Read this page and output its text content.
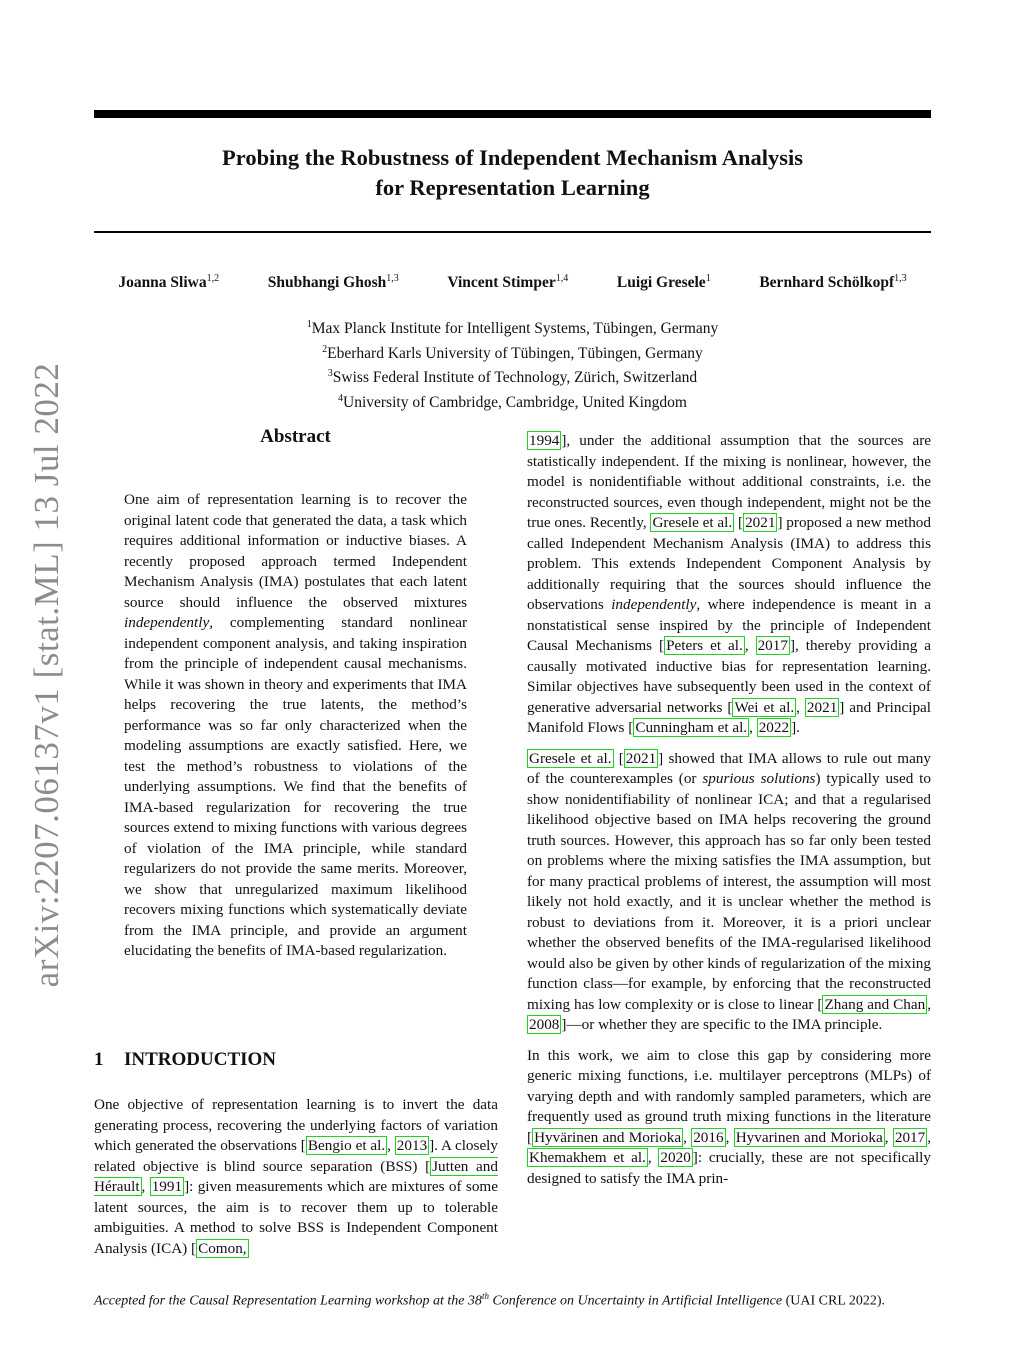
arXiv:2207.06137v1 [stat.ML] 13 Jul 2022
Probing the Robustness of Independent Mechanism Analysis
for Representation Learning
Joanna Sliwa$^{1,2}$	Shubhangi Ghosh$^{1,3}$	Vincent Stimper$^{1,4}$	Luigi Gresele$^1$	Bernhard Schölkopf$^{1,3}$
$^1$Max Planck Institute for Intelligent Systems, Tübingen, Germany
$^2$Eberhard Karls University of Tübingen, Tübingen, Germany
$^3$Swiss Federal Institute of Technology, Zürich, Switzerland
$^4$University of Cambridge, Cambridge, United Kingdom
Abstract
One aim of representation learning is to recover the original latent code that generated the data, a task which requires additional information or inductive biases. A recently proposed approach termed Independent Mechanism Analysis (IMA) postulates that each latent source should influence the observed mixtures independently, complementing standard nonlinear independent component analysis, and taking inspiration from the principle of independent causal mechanisms. While it was shown in theory and experiments that IMA helps recovering the true latents, the method’s performance was so far only characterized when the modeling assumptions are exactly satisfied. Here, we test the method’s robustness to violations of the underlying assumptions. We find that the benefits of IMA-based regularization for recovering the true sources extend to mixing functions with various degrees of violation of the IMA principle, while standard regularizers do not provide the same merits. Moreover, we show that unregularized maximum likelihood recovers mixing functions which systematically deviate from the IMA principle, and provide an argument elucidating the benefits of IMA-based regularization.
1 INTRODUCTION
One objective of representation learning is to invert the data generating process, recovering the underlying factors of variation which generated the observations [ Bengio et al. , 2013 ]. A closely related objective is blind source separation (BSS) [ Jutten and Hérault , 1991 ]: given measurements which are mixtures of some latent sources, the aim is to recover them up to tolerable ambiguities. A method to solve BSS is Independent Component Analysis (ICA) [ Comon,

1994 ], under the additional assumption that the sources are statistically independent. If the mixing is nonlinear, however, the model is nonidentifiable without additional constraints, i.e. the reconstructed sources, even though independent, might not be the true ones. Recently, Gresele et al. [ 2021 ] proposed a new method called Independent Mechanism Analysis (IMA) to address this problem. This extends Independent Component Analysis by additionally requiring that the sources should influence the observations independently, where independence is meant in a nonstatistical sense inspired by the principle of Independent Causal Mechanisms [ Peters et al. , 2017 ], thereby providing a causally motivated inductive bias for representation learning. Similar objectives have subsequently been used in the context of generative adversarial networks [ Wei et al. , 2021 ] and Principal Manifold Flows [ Cunningham et al. , 2022 ].

Gresele et al. [ 2021 ] showed that IMA allows to rule out many of the counterexamples (or spurious solutions) typically used to show nonidentifiability of nonlinear ICA; and that a regularised likelihood objective based on IMA helps recovering the ground truth sources. However, this approach has so far only been tested on problems where the mixing satisfies the IMA assumption, but for many practical problems of interest, the assumption will most likely not hold exactly, and it is unclear whether the method is robust to deviations from it. Moreover, it is a priori unclear whether the observed benefits of the IMA-regularised likelihood would also be given by other kinds of regularization of the mixing function class—for example, by enforcing that the reconstructed mixing has low complexity or is close to linear [ Zhang and Chan , 2008 ]—or whether they are specific to the IMA principle.

In this work, we aim to close this gap by considering more generic mixing functions, i.e. multilayer perceptrons (MLPs) of varying depth and with randomly sampled parameters, which are frequently used as ground truth mixing functions in the literature [ Hyvärinen and Morioka , 2016 , Hyvarinen and Morioka , 2017 , Khemakhem et al. , 2020 ]: crucially, these are not specifically designed to satisfy the IMA prin-

Accepted for the Causal Representation Learning workshop at the 38th Conference on Uncertainty in Artificial Intelligence (UAI CRL 2022).
